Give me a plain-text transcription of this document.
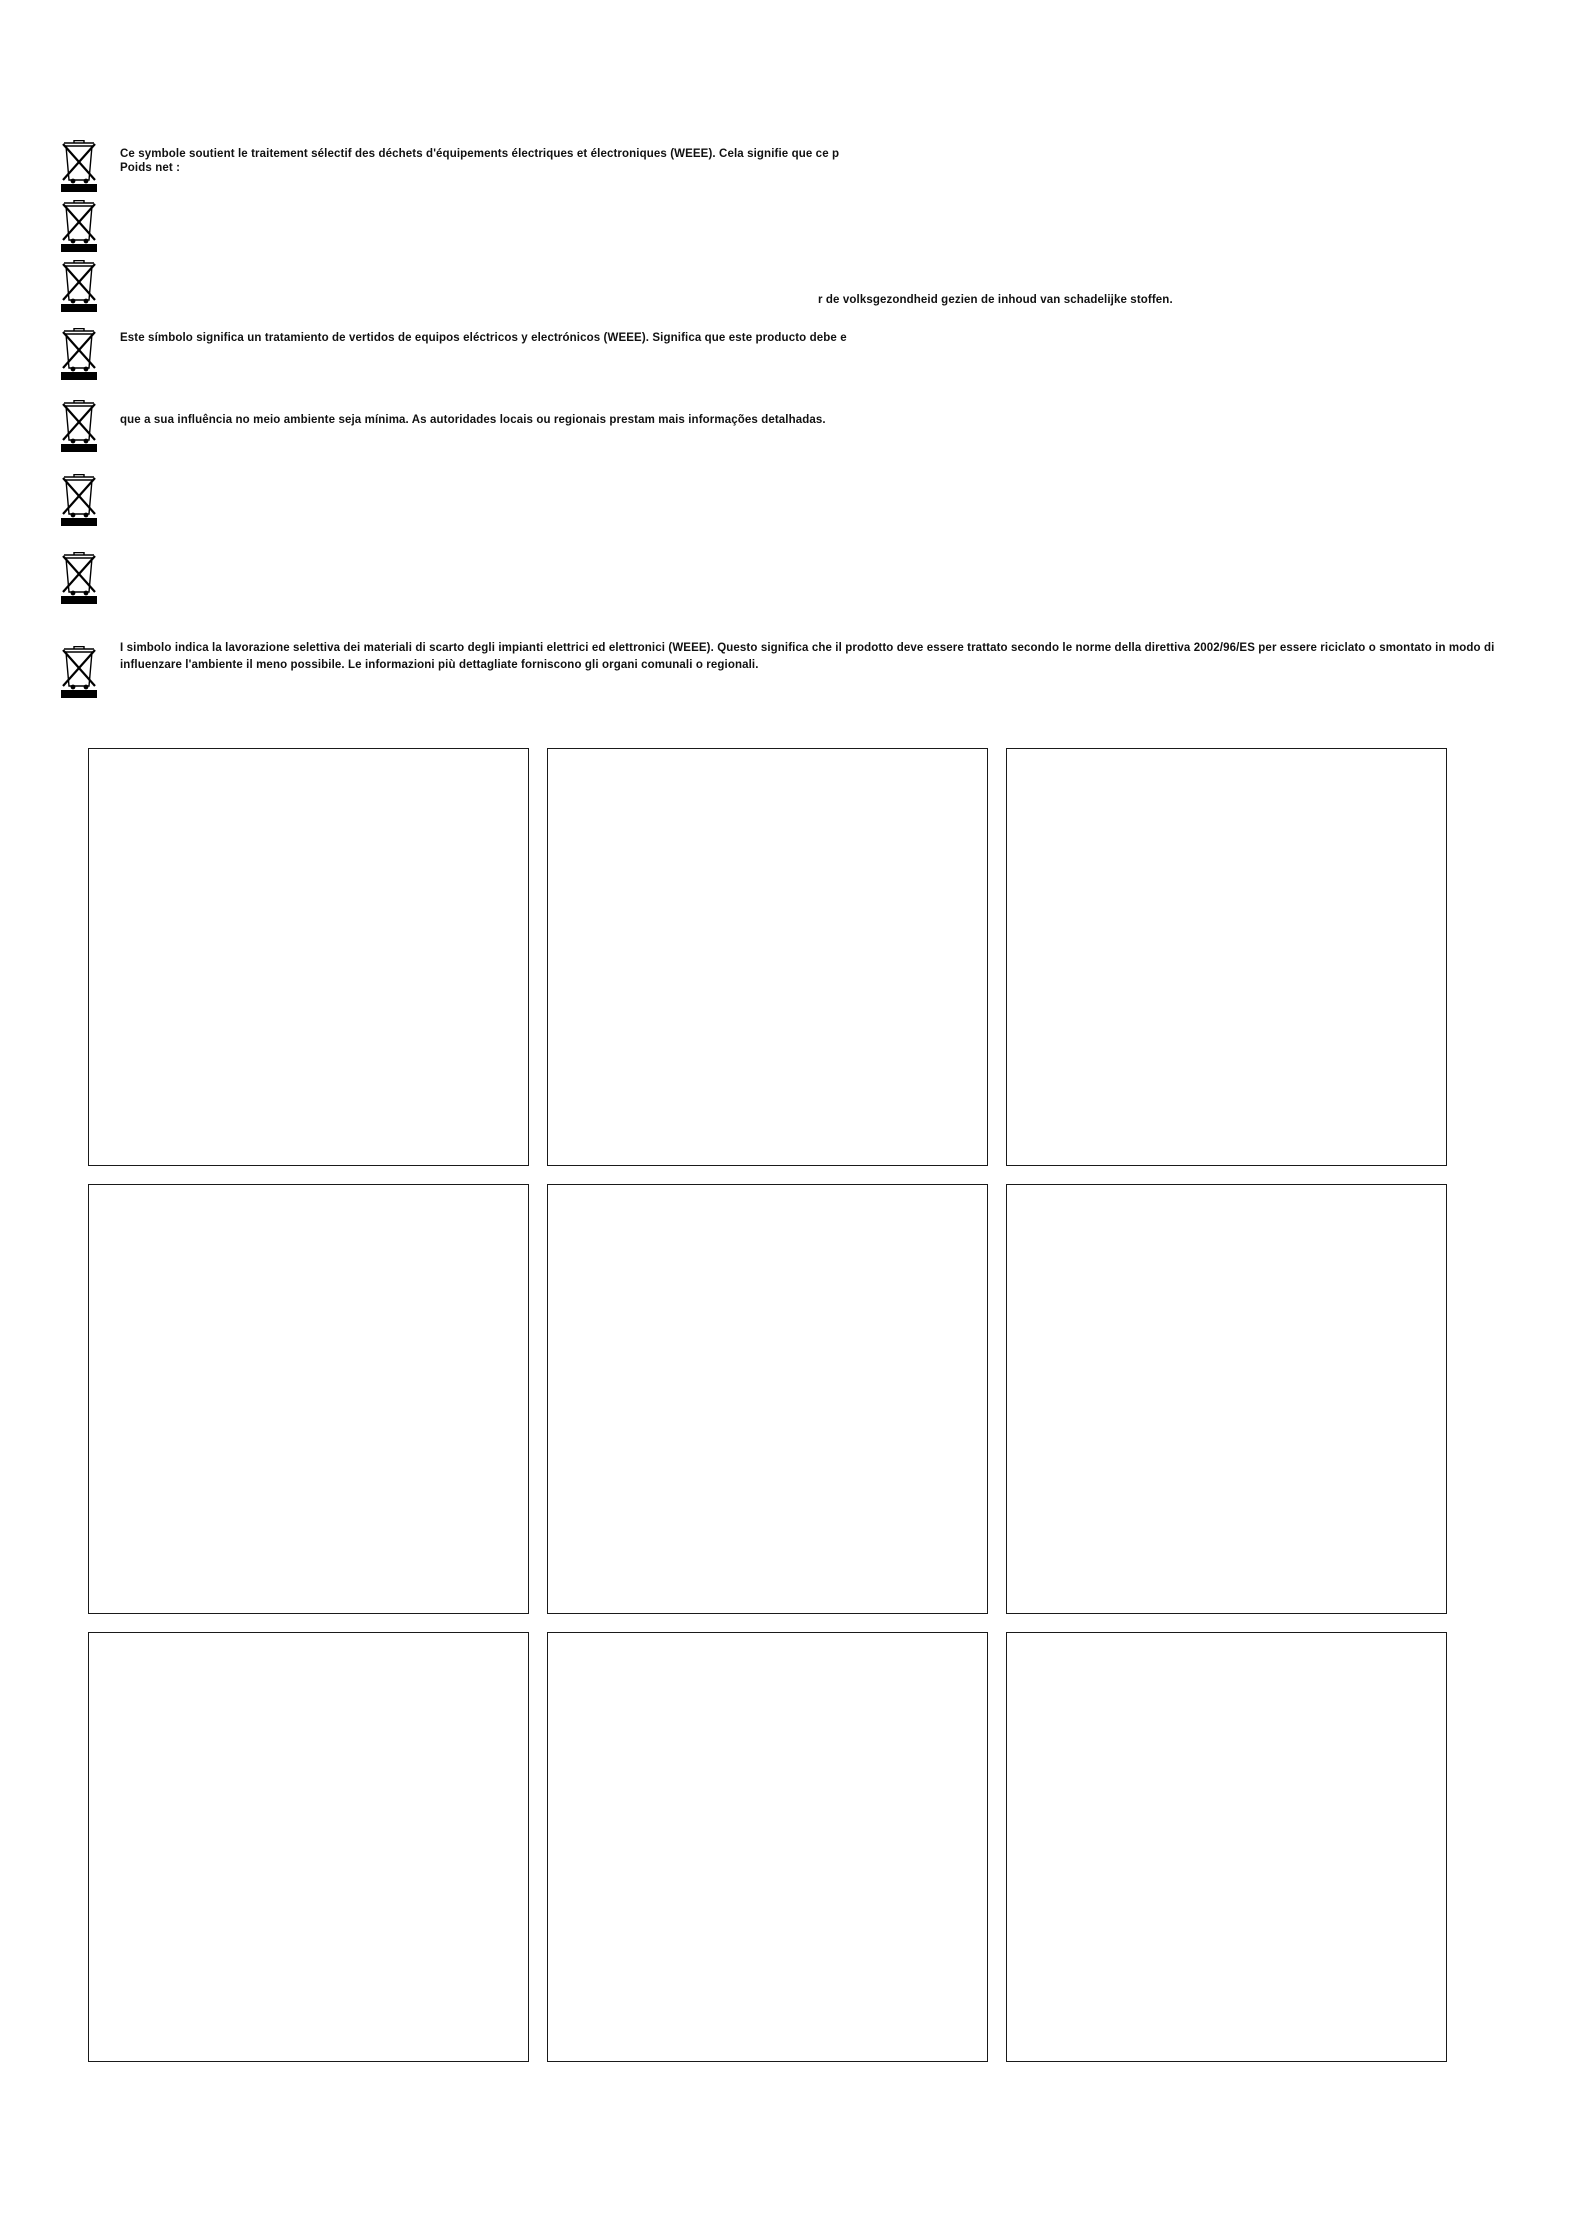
Ce symbole soutient le traitement sélectif des déchets d'équipements électriques et électroniques (WEEE). Cela signifie que ce p
Poids net :
r de volksgezondheid gezien de inhoud van schadelijke stoffen.
Este símbolo significa un tratamiento de vertidos de equipos eléctricos y electrónicos (WEEE). Significa que este producto debe e
que a sua influência no meio ambiente seja mínima. As autoridades locais ou regionais prestam mais informações detalhadas.
I simbolo indica la lavorazione selettiva dei materiali di scarto degli impianti elettrici ed elettronici (WEEE). Questo significa che il prodotto deve essere trattato secondo le norme della direttiva 2002/96/ES per essere riciclato o smontato in modo di influenzare l'ambiente il meno possibile. Le informazioni più dettagliate forniscono gli organi comunali o regionali.
